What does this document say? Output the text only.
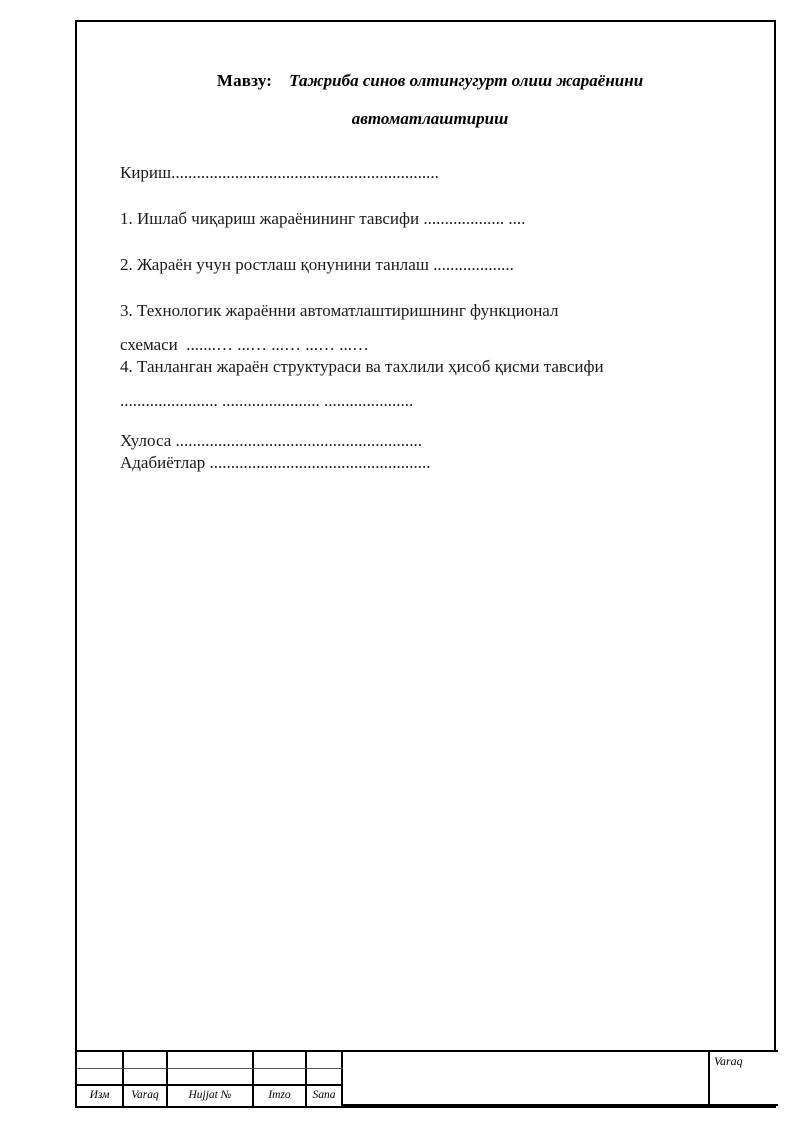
Мавзу: Тажриба синов олтингугурт олиш жараёнини
автоматлаштириш
Кириш...............................................................
1. Ишлаб чиқариш жараёнининг тавсифи ................... ....
2. Жараён учун ростлаш қонунини танлаш ...................
3. Технологик жараённи автоматлаштиришнинг функционал
схемаси  .......… ...… ...… ...… ...…
4. Танланган жараён структураси ва тахлили ҳисоб қисми тавсифи
....................... ....................... .....................
Хулоса ..........................................................
Адабиётлар ....................................................
Изм	Varaq	Hujjat №	Imzo	Sana
Varaq
